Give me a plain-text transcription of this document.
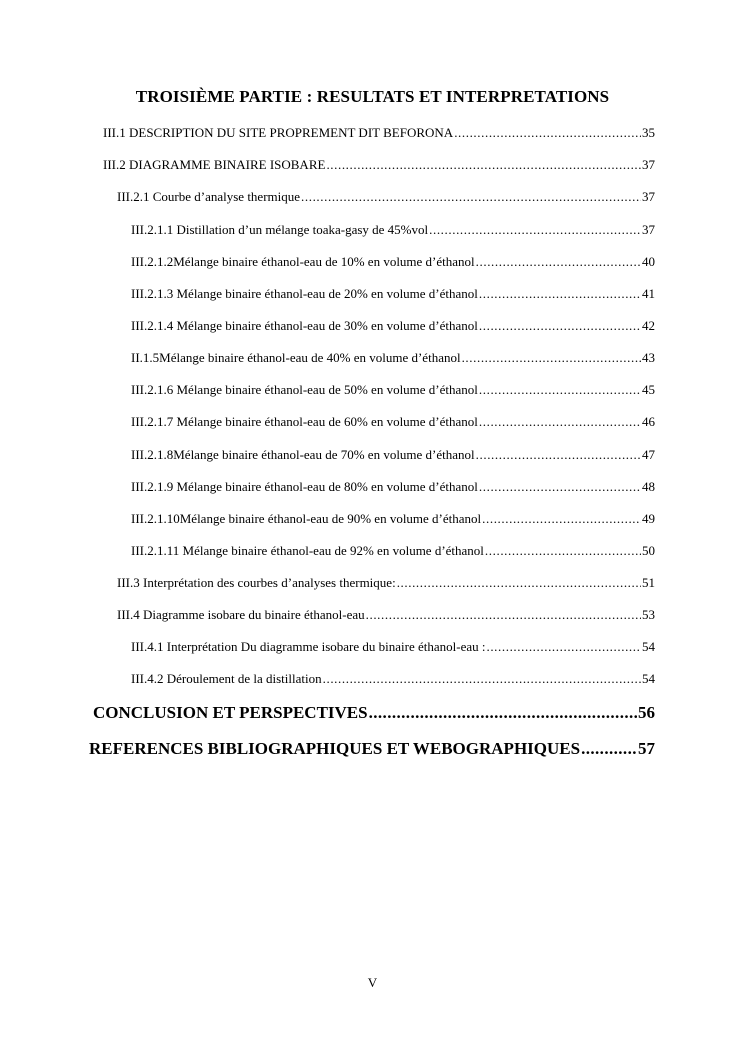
TROISIÈME PARTIE : RESULTATS ET INTERPRETATIONS
III.1 DESCRIPTION DU SITE PROPREMENT DIT BEFORONA .....	35
III.2 DIAGRAMME BINAIRE ISOBARE .....	37
III.2.1 Courbe d’analyse thermique .....	37
III.2.1.1 Distillation d’un mélange toaka-gasy de 45%vol .....	37
III.2.1.2Mélange binaire éthanol-eau de 10% en volume d’éthanol .....	40
III.2.1.3 Mélange binaire éthanol-eau de 20% en volume d’éthanol .....	41
III.2.1.4 Mélange binaire éthanol-eau de 30% en volume d’éthanol .....	42
II.1.5Mélange binaire éthanol-eau de 40% en volume d’éthanol .....	43
III.2.1.6 Mélange binaire éthanol-eau de 50% en volume d’éthanol .....	45
III.2.1.7 Mélange binaire éthanol-eau de 60% en volume d’éthanol .....	46
III.2.1.8Mélange binaire éthanol-eau de 70% en volume d’éthanol .....	47
III.2.1.9 Mélange binaire éthanol-eau de 80% en volume d’éthanol .....	48
III.2.1.10Mélange binaire éthanol-eau de 90% en volume d’éthanol .....	49
III.2.1.11 Mélange binaire éthanol-eau de 92% en volume d’éthanol .....	50
III.3 Interprétation des courbes d’analyses thermique: .....	51
III.4 Diagramme isobare du binaire éthanol-eau .....	53
III.4.1 Interprétation Du diagramme isobare du binaire éthanol-eau : .....	54
III.4.2 Déroulement de la distillation .....	54
CONCLUSION ET PERSPECTIVES .....	56
REFERENCES BIBLIOGRAPHIQUES ET WEBOGRAPHIQUES .....	57
V
